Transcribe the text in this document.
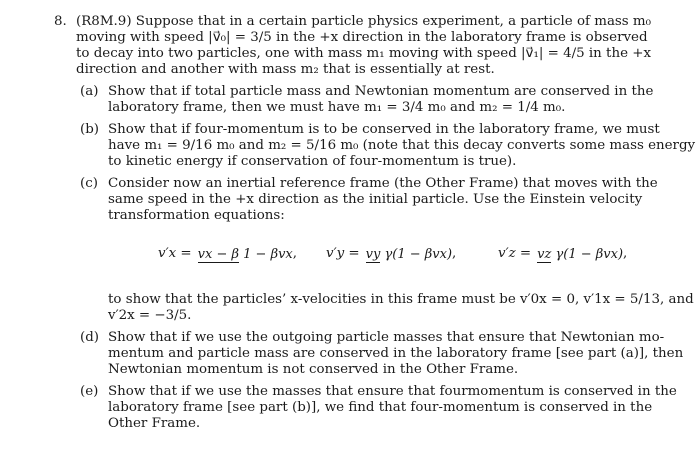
8. (R8M.9) Suppose that in a certain particle physics experiment, a particle of mass m₀
moving with speed |v⃗₀| = 3/5 in the +x direction in the laboratory frame is observed
to decay into two particles, one with mass m₁ moving with speed |v⃗₁| = 4/5 in the +x
direction and another with mass m₂ that is essentially at rest.
(a) Show that if total particle mass and Newtonian momentum are conserved in the
laboratory frame, then we must have m₁ = 3/4 m₀ and m₂ = 1/4 m₀.
(b) Show that if four-momentum is to be conserved in the laboratory frame, we must
have m₁ = 9/16 m₀ and m₂ = 5/16 m₀ (note that this decay converts some mass energy
to kinetic energy if conservation of four-momentum is true).
(c) Consider now an inertial reference frame (the Other Frame) that moves with the
same speed in the +x direction as the initial particle. Use the Einstein velocity
transformation equations:
v′x = vx − β 1 − βvx , v′y = vy γ(1 − βvx) ,	v′z = vz γ(1 − βvx) ,
to show that the particles’ x-velocities in this frame must be v′0x = 0, v′1x = 5/13, and
v′2x = −3/5.
(d) Show that if we use the outgoing particle masses that ensure that Newtonian mo-
mentum and particle mass are conserved in the laboratory frame [see part (a)], then
Newtonian momentum is not conserved in the Other Frame.
(e) Show that if we use the masses that ensure that fourmomentum is conserved in the
laboratory frame [see part (b)], we find that four-momentum is conserved in the
Other Frame.
